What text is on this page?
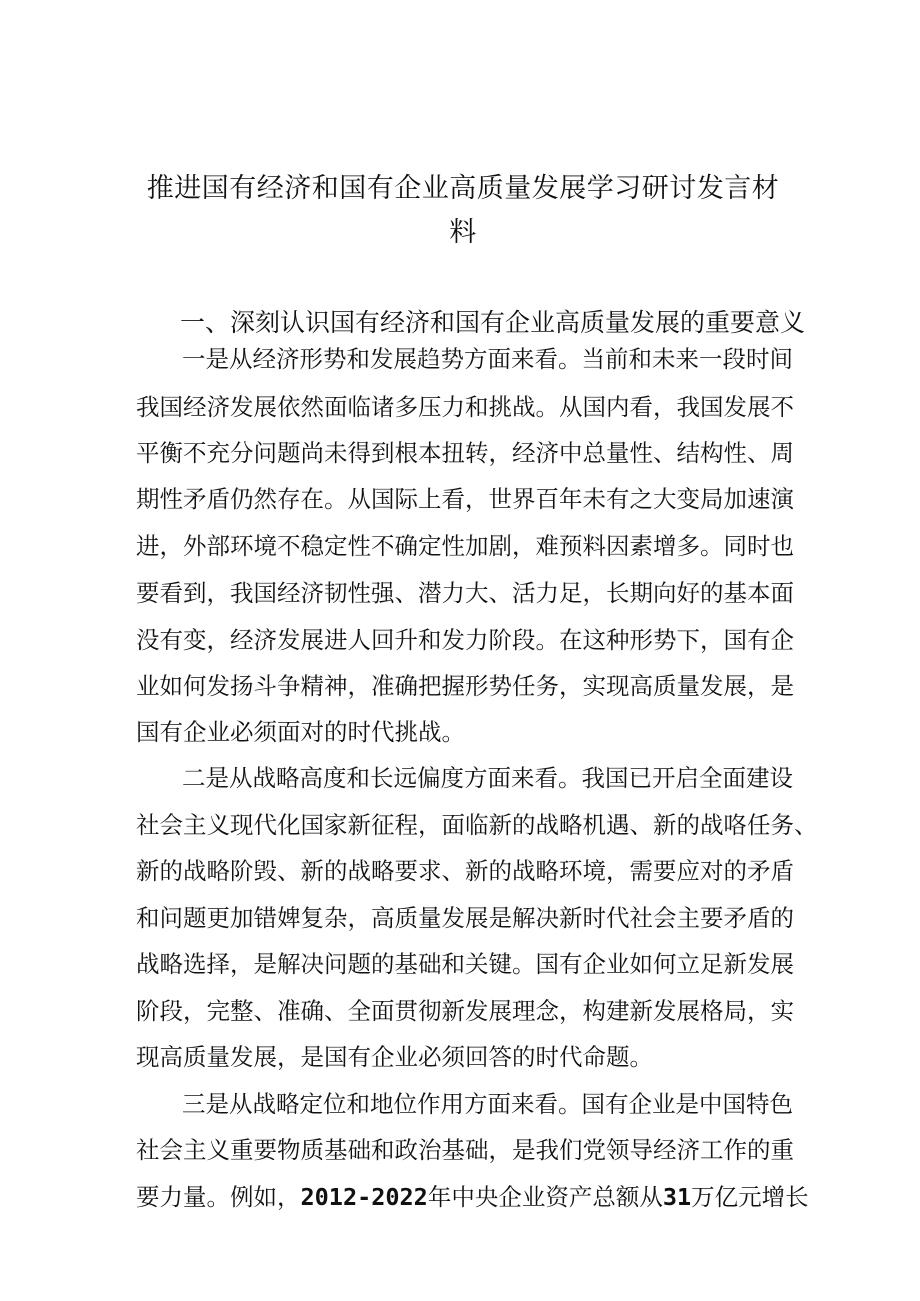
推进国有经济和国有企业高质量发展学习研讨发言材
料
一、深刻认识国有经济和国有企业高质量发展的重要意义
一是从经济形势和发展趋势方面来看。当前和未来一段时间
我国经济发展依然面临诸多压力和挑战。从国内看，我国发展不
平衡不充分问题尚未得到根本扭转，经济中总量性、结构性、周
期性矛盾仍然存在。从国际上看，世界百年未有之大变局加速演
进，外部环境不稳定性不确定性加剧，难预料因素增多。同时也
要看到，我国经济韧性强、潜力大、活力足，长期向好的基本面
没有变，经济发展进人回升和发力阶段。在这种形势下，国有企
业如何发扬斗争精神，准确把握形势任务，实现高质量发展，是
国有企业必须面对的时代挑战。
二是从战略高度和长远偏度方面来看。我国已开启全面建设
社会主义现代化国家新征程，面临新的战略机遇、新的战咯任务、
新的战略阶毁、新的战略要求、新的战略环境，需要应对的矛盾
和问题更加错婢复杂，高质量发展是解决新时代社会主要矛盾的
战略选择，是解决问题的基础和关键。国有企业如何立足新发展
阶段，完整、准确、全面贯彻新发展理念，构建新发展格局，实
现高质量发展，是国有企业必须回答的时代命题。
三是从战略定位和地位作用方面来看。国有企业是中国特色
社会主义重要物质基础和政治基础，是我们党领导经济工作的重
要力量。例如，2012-2022年中央企业资产总额从31万亿元增长
